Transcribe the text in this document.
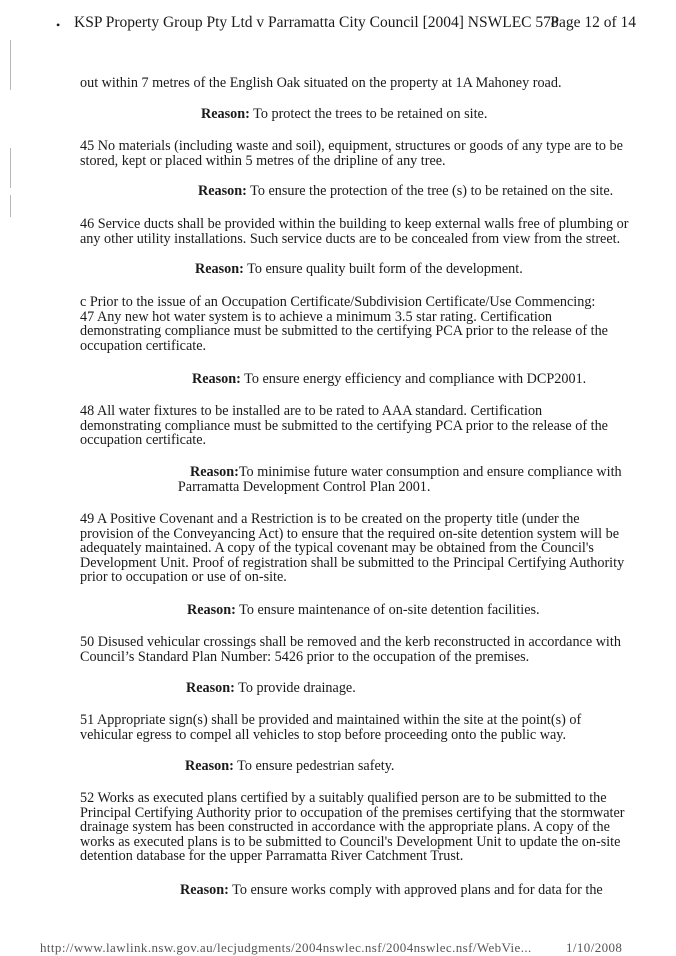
• KSP Property Group Pty Ltd v Parramatta City Council [2004] NSWLEC 578
Page 12 of 14
out within 7 metres of the English Oak situated on the property at 1A Mahoney road.
Reason: To protect the trees to be retained on site.
45 No materials (including waste and soil), equipment, structures or goods of any type are to be
stored, kept or placed within 5 metres of the dripline of any tree.
Reason: To ensure the protection of the tree (s) to be retained on the site.
46 Service ducts shall be provided within the building to keep external walls free of plumbing or
any other utility installations. Such service ducts are to be concealed from view from the street.
Reason: To ensure quality built form of the development.
c Prior to the issue of an Occupation Certificate/Subdivision Certificate/Use Commencing:
47 Any new hot water system is to achieve a minimum 3.5 star rating. Certification
demonstrating compliance must be submitted to the certifying PCA prior to the release of the
occupation certificate.
Reason: To ensure energy efficiency and compliance with DCP2001.
48 All water fixtures to be installed are to be rated to AAA standard. Certification
demonstrating compliance must be submitted to the certifying PCA prior to the release of the
occupation certificate.
Reason: To minimise future water consumption and ensure compliance with
Parramatta Development Control Plan 2001.
49 A Positive Covenant and a Restriction is to be created on the property title (under the
provision of the Conveyancing Act) to ensure that the required on-site detention system will be
adequately maintained. A copy of the typical covenant may be obtained from the Council's
Development Unit. Proof of registration shall be submitted to the Principal Certifying Authority
prior to occupation or use of on-site.
Reason: To ensure maintenance of on-site detention facilities.
50 Disused vehicular crossings shall be removed and the kerb reconstructed in accordance with
Council’s Standard Plan Number: 5426 prior to the occupation of the premises.
Reason: To provide drainage.
51 Appropriate sign(s) shall be provided and maintained within the site at the point(s) of
vehicular egress to compel all vehicles to stop before proceeding onto the public way.
Reason: To ensure pedestrian safety.
52 Works as executed plans certified by a suitably qualified person are to be submitted to the
Principal Certifying Authority prior to occupation of the premises certifying that the stormwater
drainage system has been constructed in accordance with the appropriate plans. A copy of the
works as executed plans is to be submitted to Council's Development Unit to update the on-site
detention database for the upper Parramatta River Catchment Trust.
Reason: To ensure works comply with approved plans and for data for the
http://www.lawlink.nsw.gov.au/lecjudgments/2004nswlec.nsf/2004nswlec.nsf/WebVie...	1/10/2008
